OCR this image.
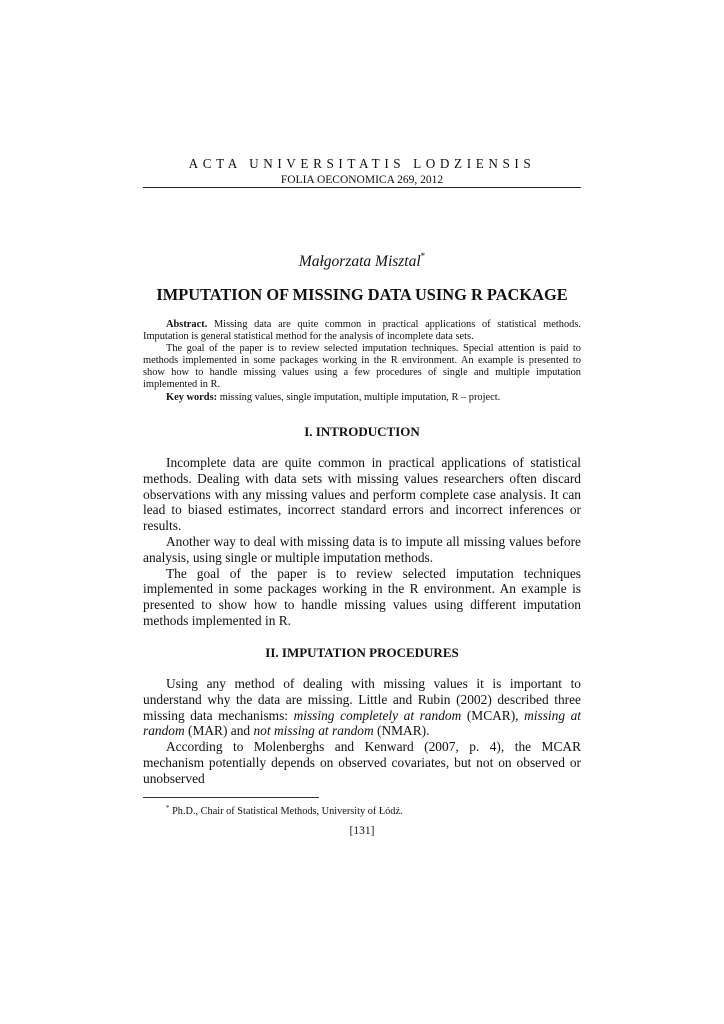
ACTA UNIVERSITATIS LODZIENSIS
FOLIA OECONOMICA 269, 2012
Małgorzata Misztal*
IMPUTATION OF MISSING DATA USING R PACKAGE

Abstract. Missing data are quite common in practical applications of statistical methods. Imputation is general statistical method for the analysis of incomplete data sets.

The goal of the paper is to review selected imputation techniques. Special attention is paid to methods implemented in some packages working in the R environment. An example is presented to show how to handle missing values using a few procedures of single and multiple imputation implemented in R.

Key words: missing values, single imputation, multiple imputation, R – project.

I. INTRODUCTION

Incomplete data are quite common in practical applications of statistical methods. Dealing with data sets with missing values researchers often discard observations with any missing values and perform complete case analysis. It can lead to biased estimates, incorrect standard errors and incorrect inferences or results.

Another way to deal with missing data is to impute all missing values before analysis, using single or multiple imputation methods.

The goal of the paper is to review selected imputation techniques implemented in some packages working in the R environment. An example is presented to show how to handle missing values using different imputation methods implemented in R.

II. IMPUTATION PROCEDURES

Using any method of dealing with missing values it is important to understand why the data are missing. Little and Rubin (2002) described three missing data mechanisms: missing completely at random (MCAR), missing at random (MAR) and not missing at random (NMAR).

According to Molenberghs and Kenward (2007, p. 4), the MCAR mechanism potentially depends on observed covariates, but not on observed or unobserved

* Ph.D., Chair of Statistical Methods, University of Łódź.
[131]
